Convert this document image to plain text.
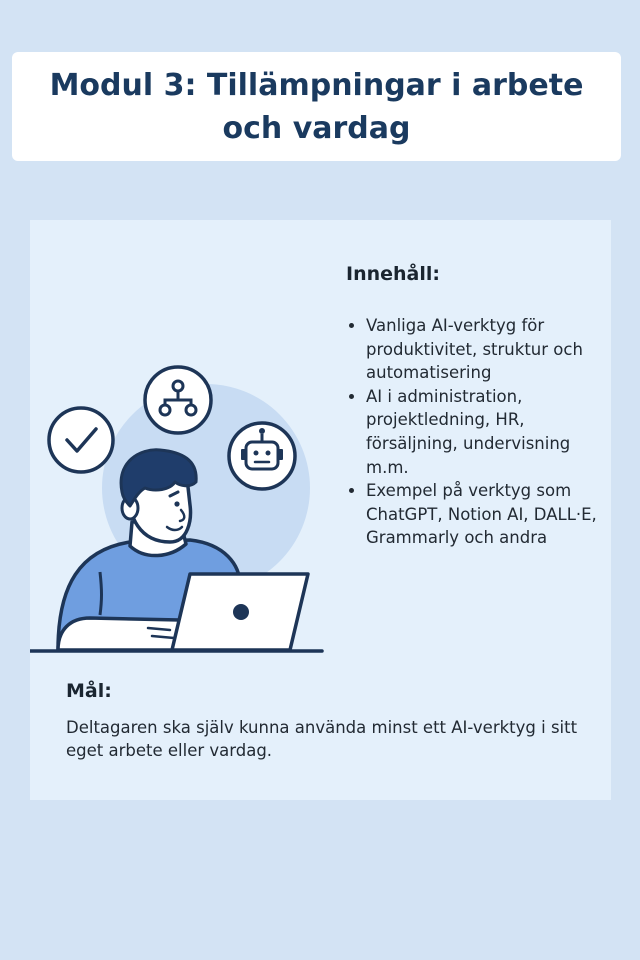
Modul 3: Tillämpningar i arbete och vardag
Innehåll:
• Vanliga AI-verktyg för produktivitet, struktur och automatisering
• AI i administration, projektledning, HR, försäljning, undervisning m.m.
• Exempel på verktyg som ChatGPT, Notion AI, DALL·E, Grammarly och andra
Mål:

Deltagaren ska själv kunna använda minst ett AI-verktyg i sitt eget arbete eller vardag.
